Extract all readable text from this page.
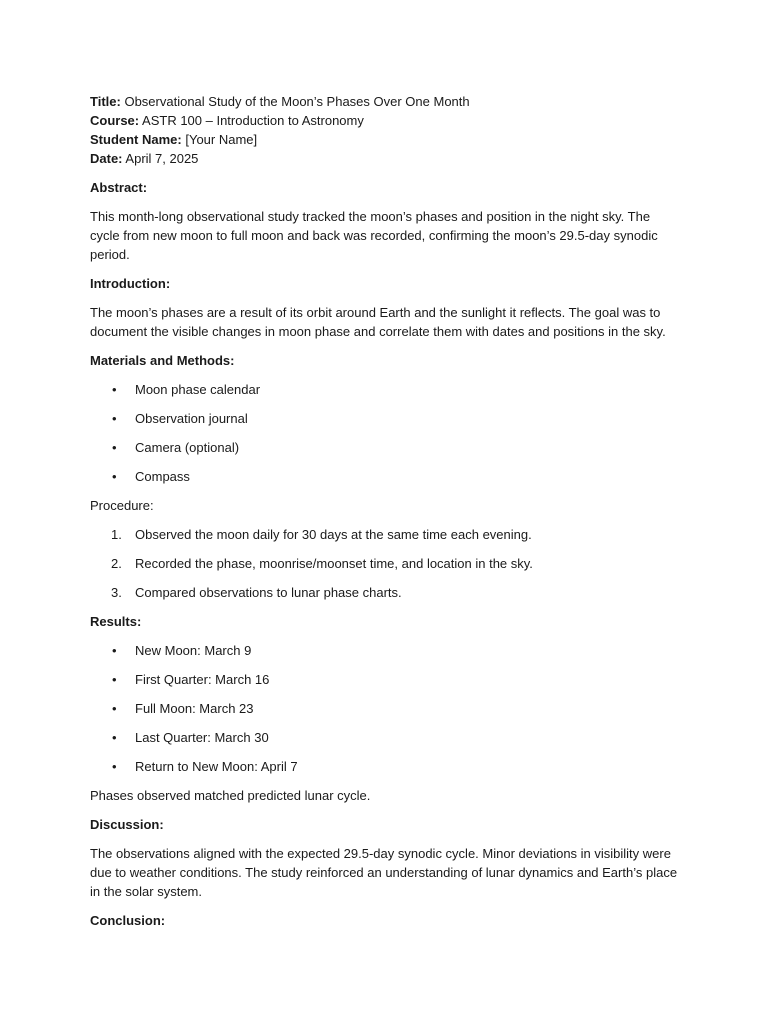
Title: Observational Study of the Moon’s Phases Over One Month
Course: ASTR 100 – Introduction to Astronomy
Student Name: [Your Name]
Date: April 7, 2025
Abstract:
This month-long observational study tracked the moon’s phases and position in the night sky. The cycle from new moon to full moon and back was recorded, confirming the moon’s 29.5-day synodic period.
Introduction:
The moon’s phases are a result of its orbit around Earth and the sunlight it reflects. The goal was to document the visible changes in moon phase and correlate them with dates and positions in the sky.
Materials and Methods:
•	Moon phase calendar
•	Observation journal
•	Camera (optional)
•	Compass
Procedure:
1.	Observed the moon daily for 30 days at the same time each evening.
2.	Recorded the phase, moonrise/moonset time, and location in the sky.
3.	Compared observations to lunar phase charts.
Results:
•	New Moon: March 9
•	First Quarter: March 16
•	Full Moon: March 23
•	Last Quarter: March 30
•	Return to New Moon: April 7
Phases observed matched predicted lunar cycle.
Discussion:
The observations aligned with the expected 29.5-day synodic cycle. Minor deviations in visibility were due to weather conditions. The study reinforced an understanding of lunar dynamics and Earth’s place in the solar system.
Conclusion:
